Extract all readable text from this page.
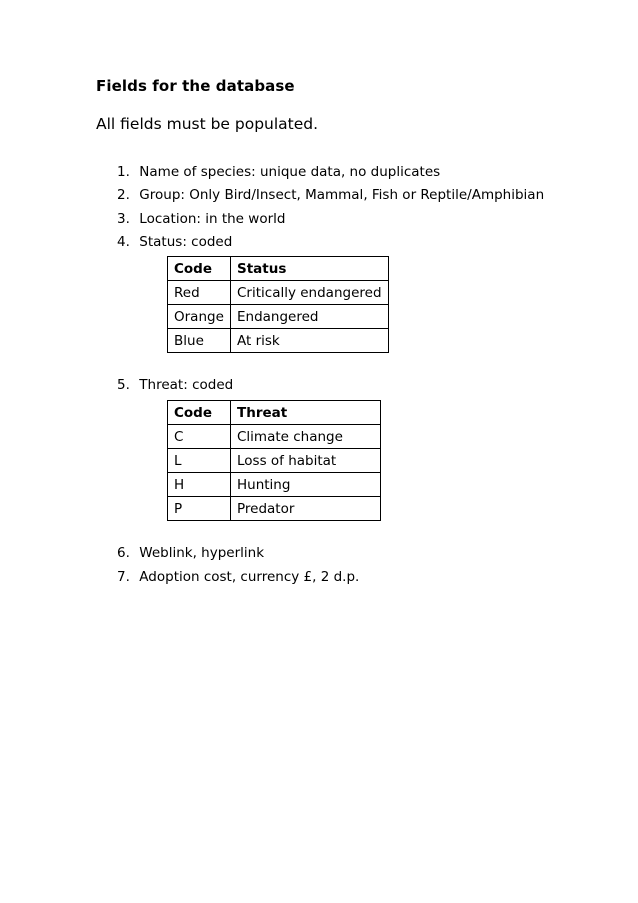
Fields for the database
All fields must be populated.
1. Name of species: unique data, no duplicates
2. Group: Only Bird/Insect, Mammal, Fish or Reptile/Amphibian
3. Location: in the world
4. Status: coded
Code	Status
Red	Critically endangered
Orange	Endangered
Blue	At risk
5. Threat: coded
Code	Threat
C	Climate change
L	Loss of habitat
H	Hunting
P	Predator
6. Weblink, hyperlink
7. Adoption cost, currency £, 2 d.p.
